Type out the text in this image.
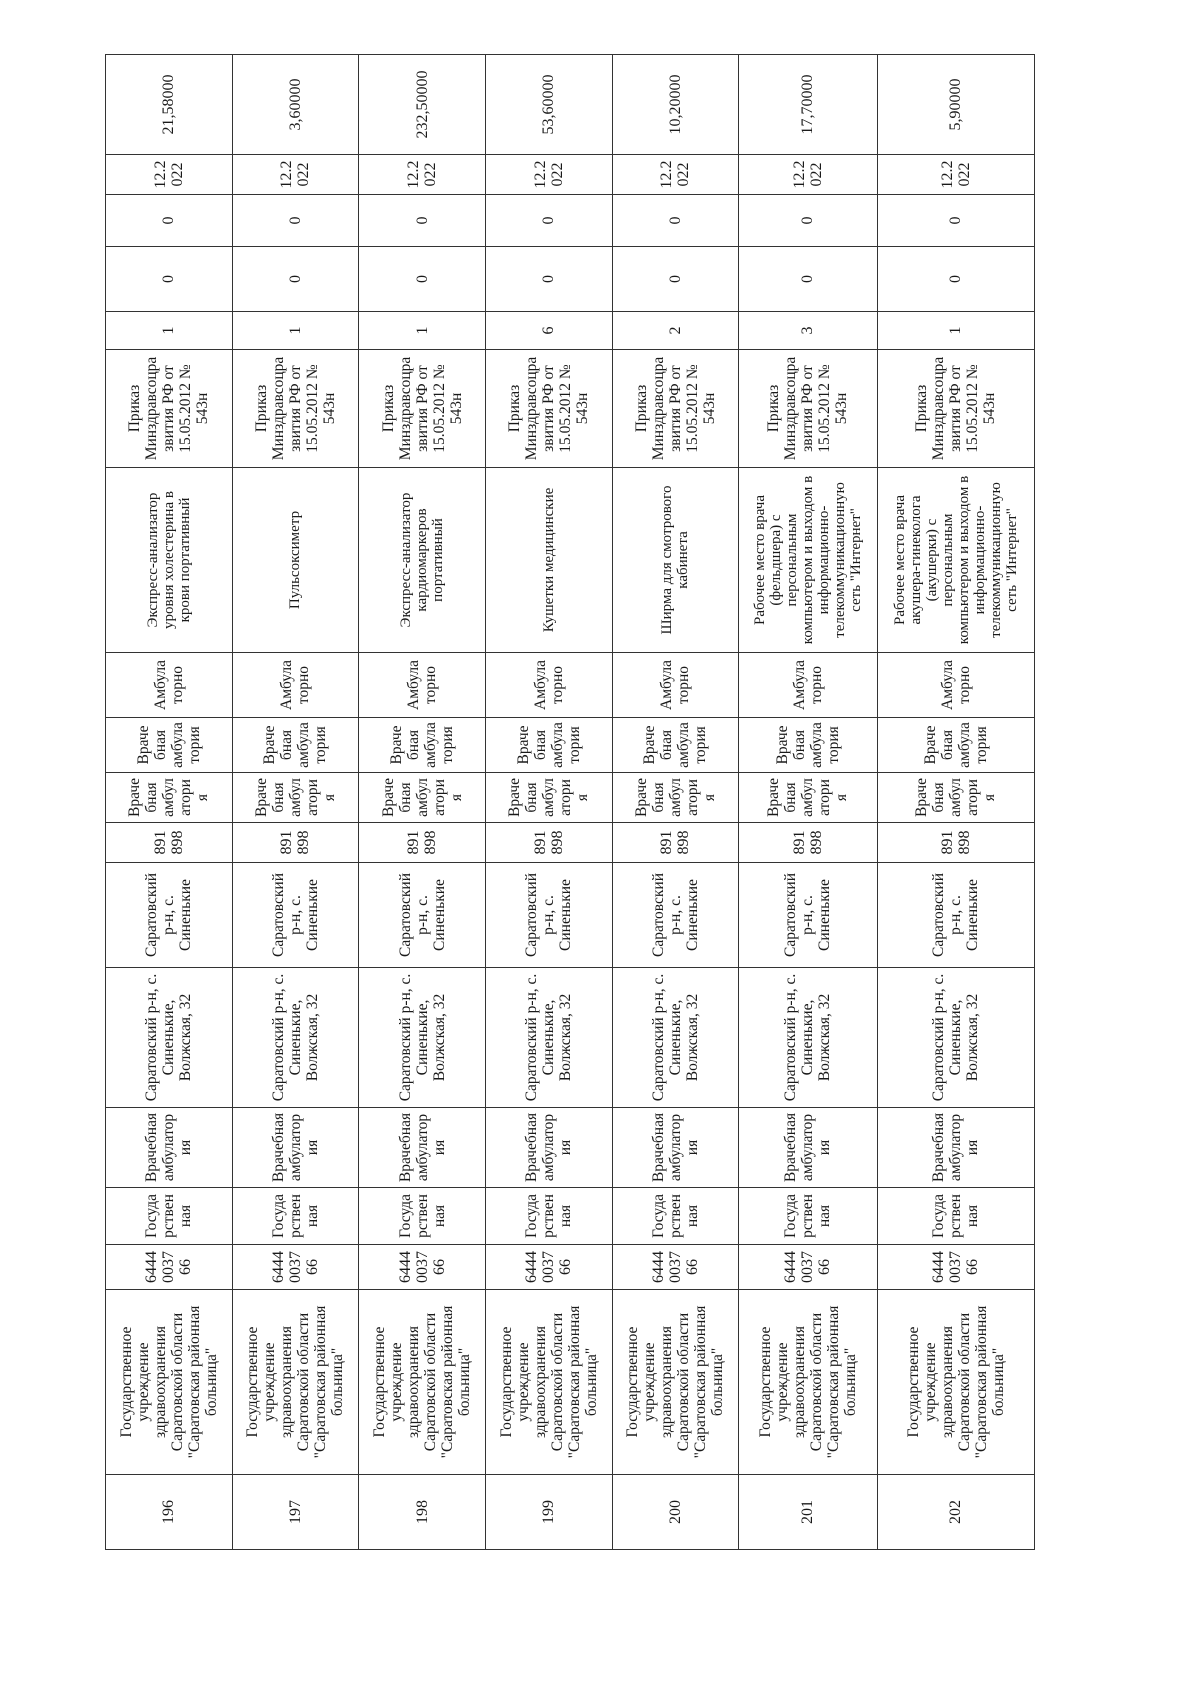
196	Государственное учреждение здравоохранения Саратовской области "Саратовская районная больница"	6444003766	Государственная	Врачебная амбулатория	Саратовский р-н, с. Синенькие, Волжская, 32	Саратовский р-н, с. Синенькие	891898	Врачебная амбулатория	Врачебная амбулатория	Амбулаторно	Экспресс-анализатор уровня холестерина в крови портативный	Приказ Минздравсоцразвития РФ от 15.05.2012 № 543н	1	0	0	12.2022	21,58000
197	Государственное учреждение здравоохранения Саратовской области "Саратовская районная больница"	6444003766	Государственная	Врачебная амбулатория	Саратовский р-н, с. Синенькие, Волжская, 32	Саратовский р-н, с. Синенькие	891898	Врачебная амбулатория	Врачебная амбулатория	Амбулаторно	Пульсоксиметр	Приказ Минздравсоцразвития РФ от 15.05.2012 № 543н	1	0	0	12.2022	3,60000
198	Государственное учреждение здравоохранения Саратовской области "Саратовская районная больница"	6444003766	Государственная	Врачебная амбулатория	Саратовский р-н, с. Синенькие, Волжская, 32	Саратовский р-н, с. Синенькие	891898	Врачебная амбулатория	Врачебная амбулатория	Амбулаторно	Экспресс-анализатор кардиомаркеров портативный	Приказ Минздравсоцразвития РФ от 15.05.2012 № 543н	1	0	0	12.2022	232,50000
199	Государственное учреждение здравоохранения Саратовской области "Саратовская районная больница"	6444003766	Государственная	Врачебная амбулатория	Саратовский р-н, с. Синенькие, Волжская, 32	Саратовский р-н, с. Синенькие	891898	Врачебная амбулатория	Врачебная амбулатория	Амбулаторно	Кушетки медицинские	Приказ Минздравсоцразвития РФ от 15.05.2012 № 543н	6	0	0	12.2022	53,60000
200	Государственное учреждение здравоохранения Саратовской области "Саратовская районная больница"	6444003766	Государственная	Врачебная амбулатория	Саратовский р-н, с. Синенькие, Волжская, 32	Саратовский р-н, с. Синенькие	891898	Врачебная амбулатория	Врачебная амбулатория	Амбулаторно	Ширма для смотрового кабинета	Приказ Минздравсоцразвития РФ от 15.05.2012 № 543н	2	0	0	12.2022	10,20000
201	Государственное учреждение здравоохранения Саратовской области "Саратовская районная больница"	6444003766	Государственная	Врачебная амбулатория	Саратовский р-н, с. Синенькие, Волжская, 32	Саратовский р-н, с. Синенькие	891898	Врачебная амбулатория	Врачебная амбулатория	Амбулаторно	Рабочее место врача (фельдшера) с персональным компьютером и выходом в информационно-телекоммуникационную сеть "Интернет"	Приказ Минздравсоцразвития РФ от 15.05.2012 № 543н	3	0	0	12.2022	17,70000
202	Государственное учреждение здравоохранения Саратовской области "Саратовская районная больница"	6444003766	Государственная	Врачебная амбулатория	Саратовский р-н, с. Синенькие, Волжская, 32	Саратовский р-н, с. Синенькие	891898	Врачебная амбулатория	Врачебная амбулатория	Амбулаторно	Рабочее место врача акушера-гинеколога (акушерки) с персональным компьютером и выходом в информационно-телекоммуникационную сеть "Интернет"	Приказ Минздравсоцразвития РФ от 15.05.2012 № 543н	1	0	0	12.2022	5,90000
